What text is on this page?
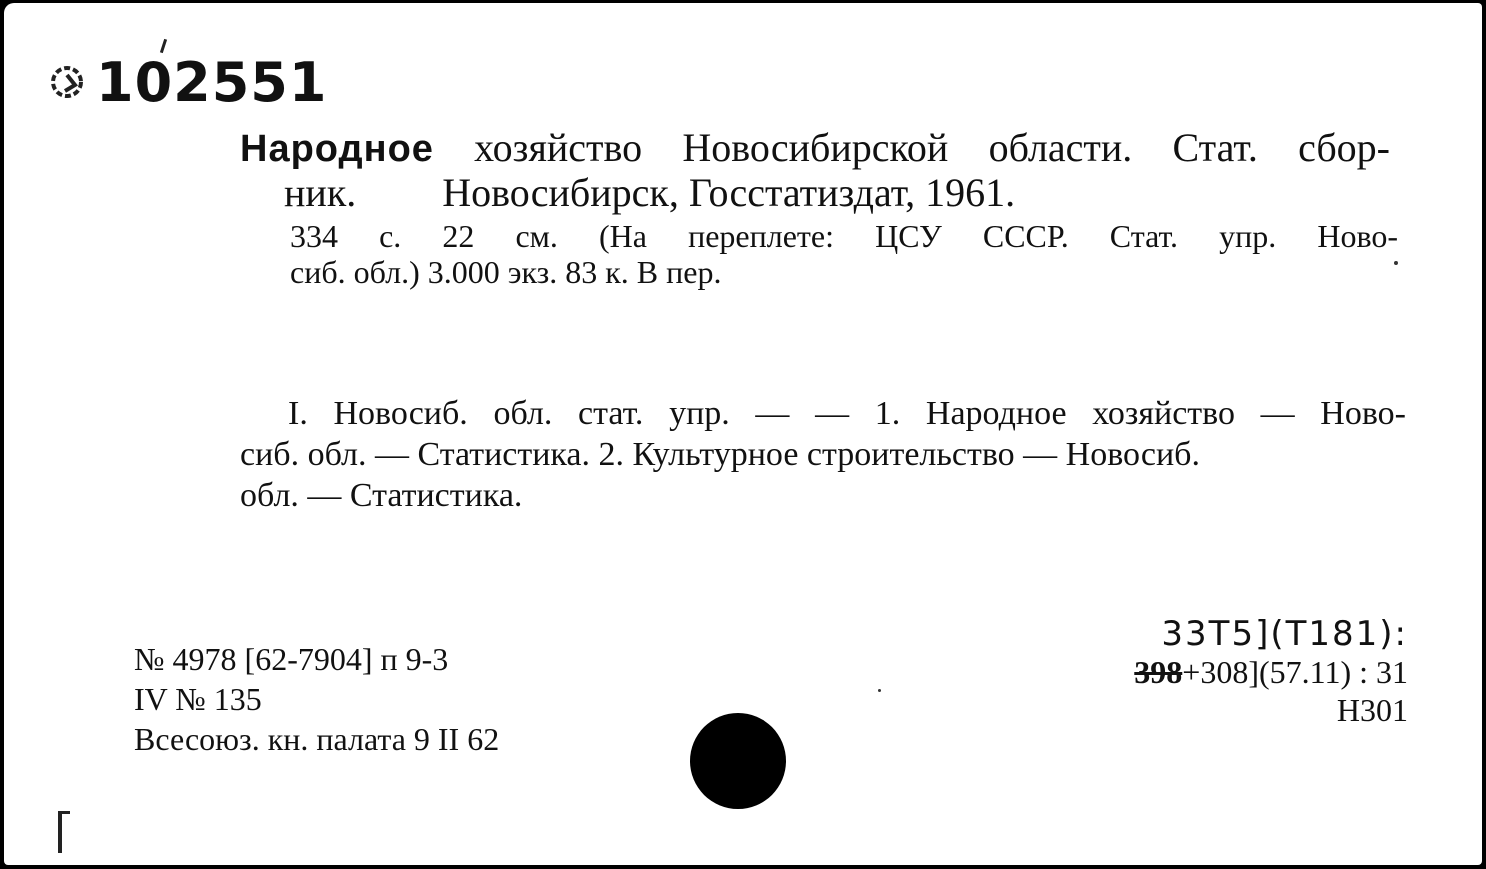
102551
Народное хозяйство Новосибирской области. Стат. сбор-
ник. Новосибирск, Госстатиздат, 1961.
334 с. 22 см. (На переплете: ЦСУ СССР. Стат. упр. Ново-
сиб. обл.) 3.000 экз. 83 к. В пер.
I. Новосиб. обл. стат. упр. — — 1. Народное хозяйство — Ново-
сиб. обл. — Статистика. 2. Культурное строительство — Новосиб.
обл. — Статистика.
№ 4978 [62-7904] п 9-3
IV № 135
Всесоюз. кн. палата 9 II 62
33Т5](Т181):
398+308](57.11) : 31
Н301
